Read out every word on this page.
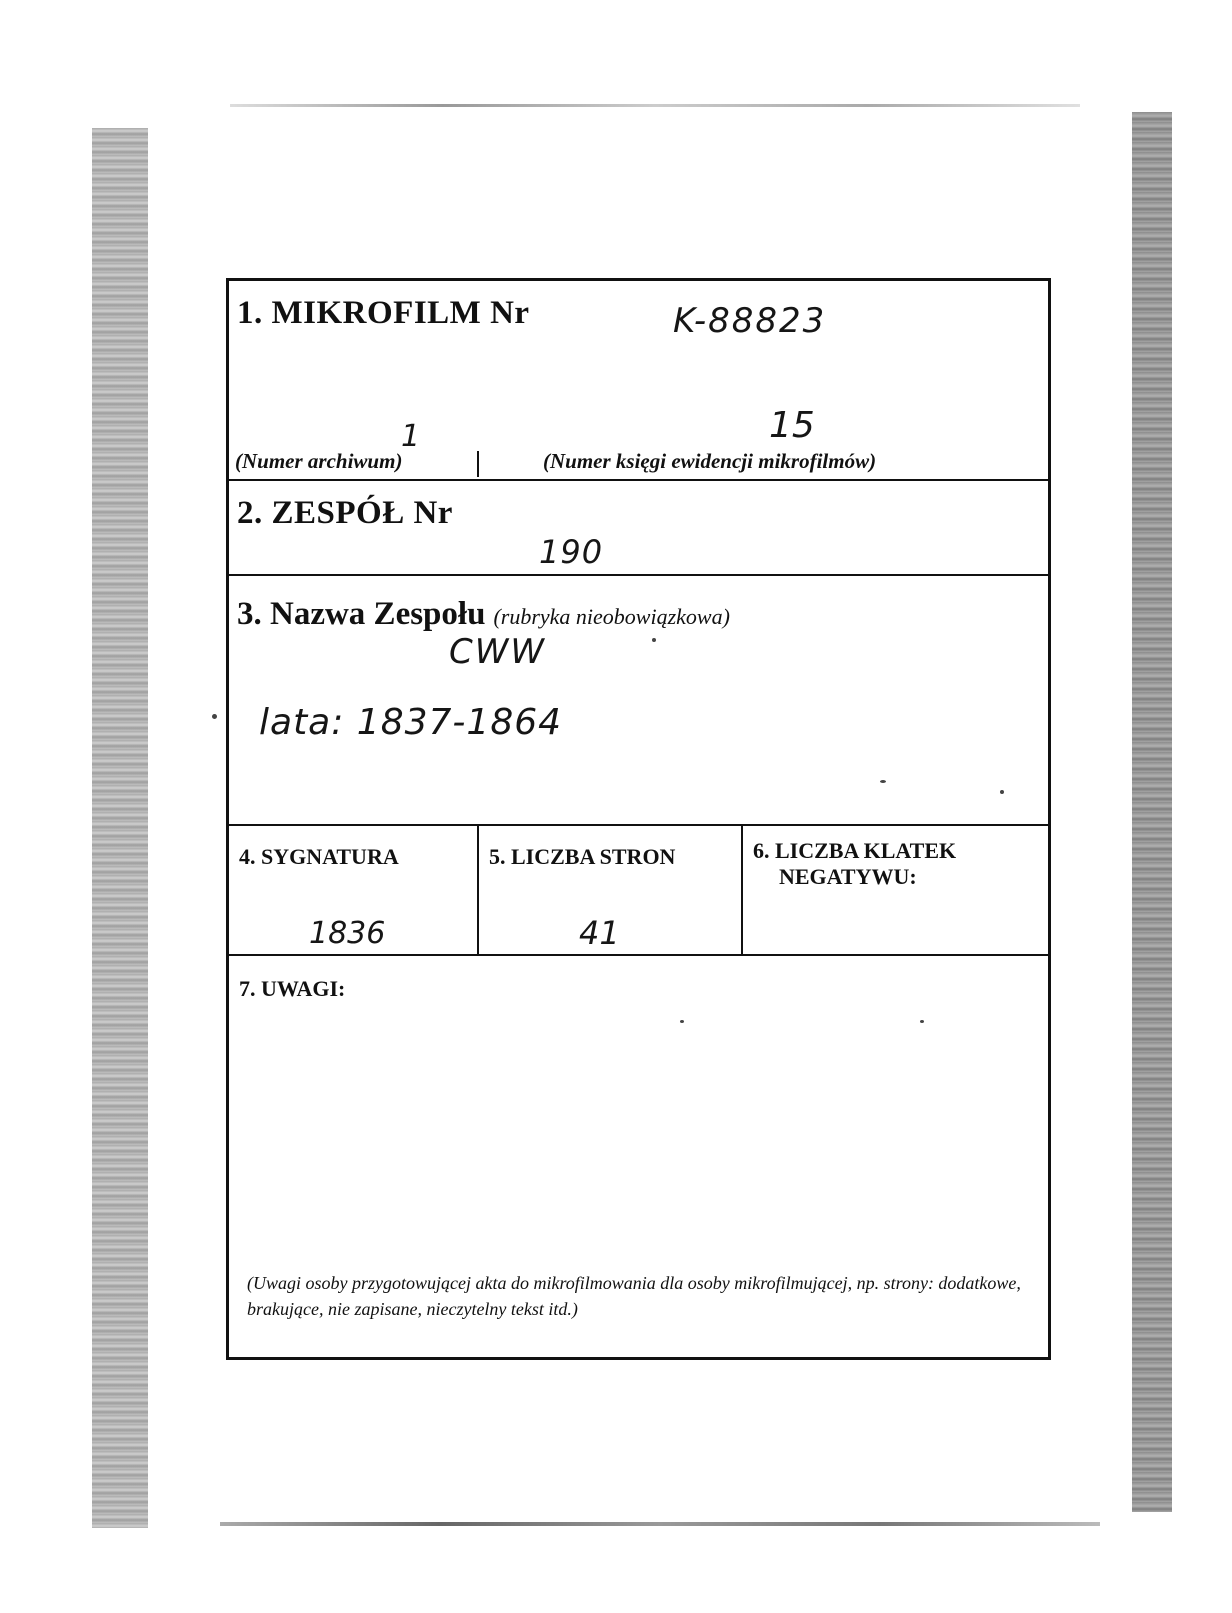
1. MIKROFILM Nr	K-88823
1	15
(Numer archiwum)	(Numer księgi ewidencji mikrofilmów)
2. ZESPÓŁ Nr
190
3. Nazwa Zespołu (rubryka nieobowiązkowa)
CWW
lata: 1837-1864
4. SYGNATURA
1836
5. LICZBA STRON
41
6. LICZBA KLATEK
NEGATYWU:
7. UWAGI:
(Uwagi osoby przygotowującej akta do mikrofilmowania dla osoby mikrofilmującej, np. strony: dodatkowe, brakujące, nie zapisane, nieczytelny tekst itd.)
